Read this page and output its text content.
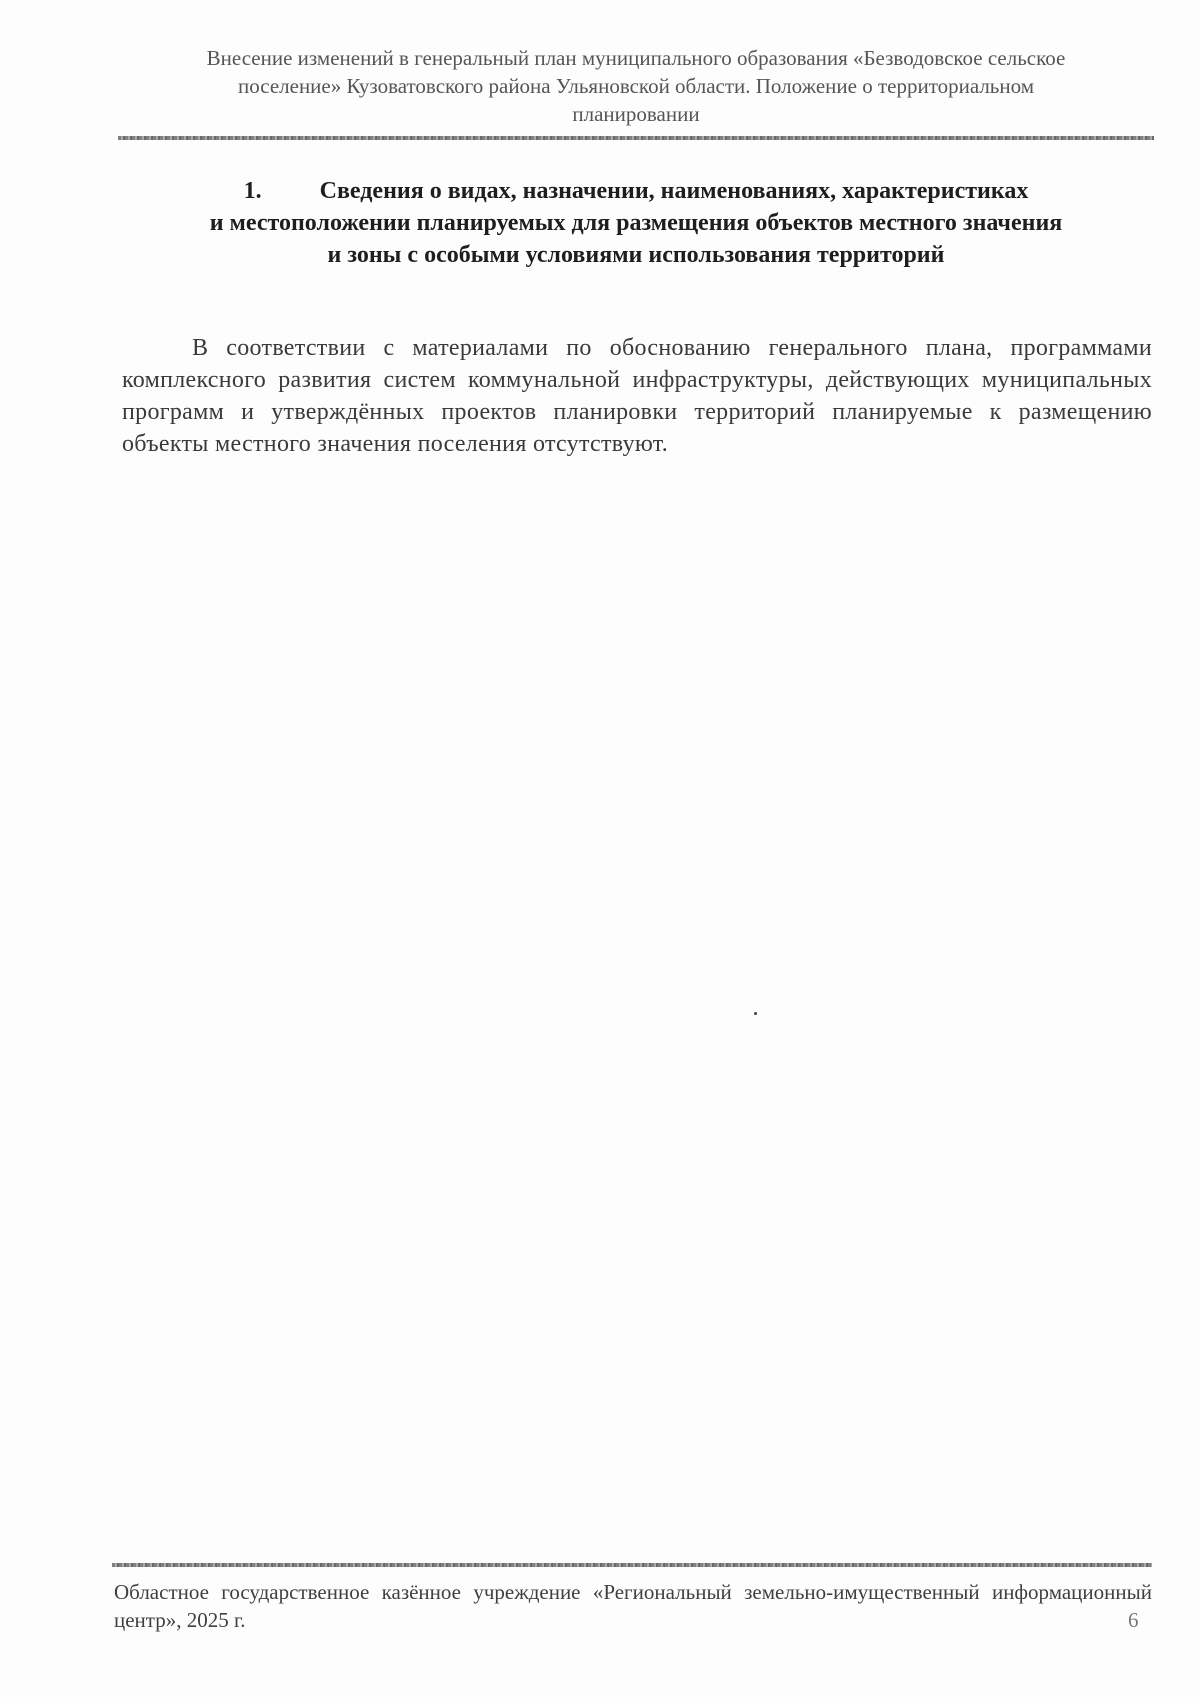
Внесение изменений в генеральный план муниципального образования «Безводовское сельское
поселение» Кузоватовского района Ульяновской области. Положение о территориальном
планировании
1. Сведения о видах, назначении, наименованиях, характеристиках
и местоположении планируемых для размещения объектов местного значения
и зоны с особыми условиями использования территорий

В соответствии с материалами по обоснованию генерального плана, программами комплексного развития систем коммунальной инфраструктуры, действующих муниципальных программ и утверждённых проектов планировки территорий планируемые к размещению объекты местного значения поселения отсутствуют.

Областное государственное казённое учреждение «Региональный земельно-имущественный информационный центр», 2025 г.	6
